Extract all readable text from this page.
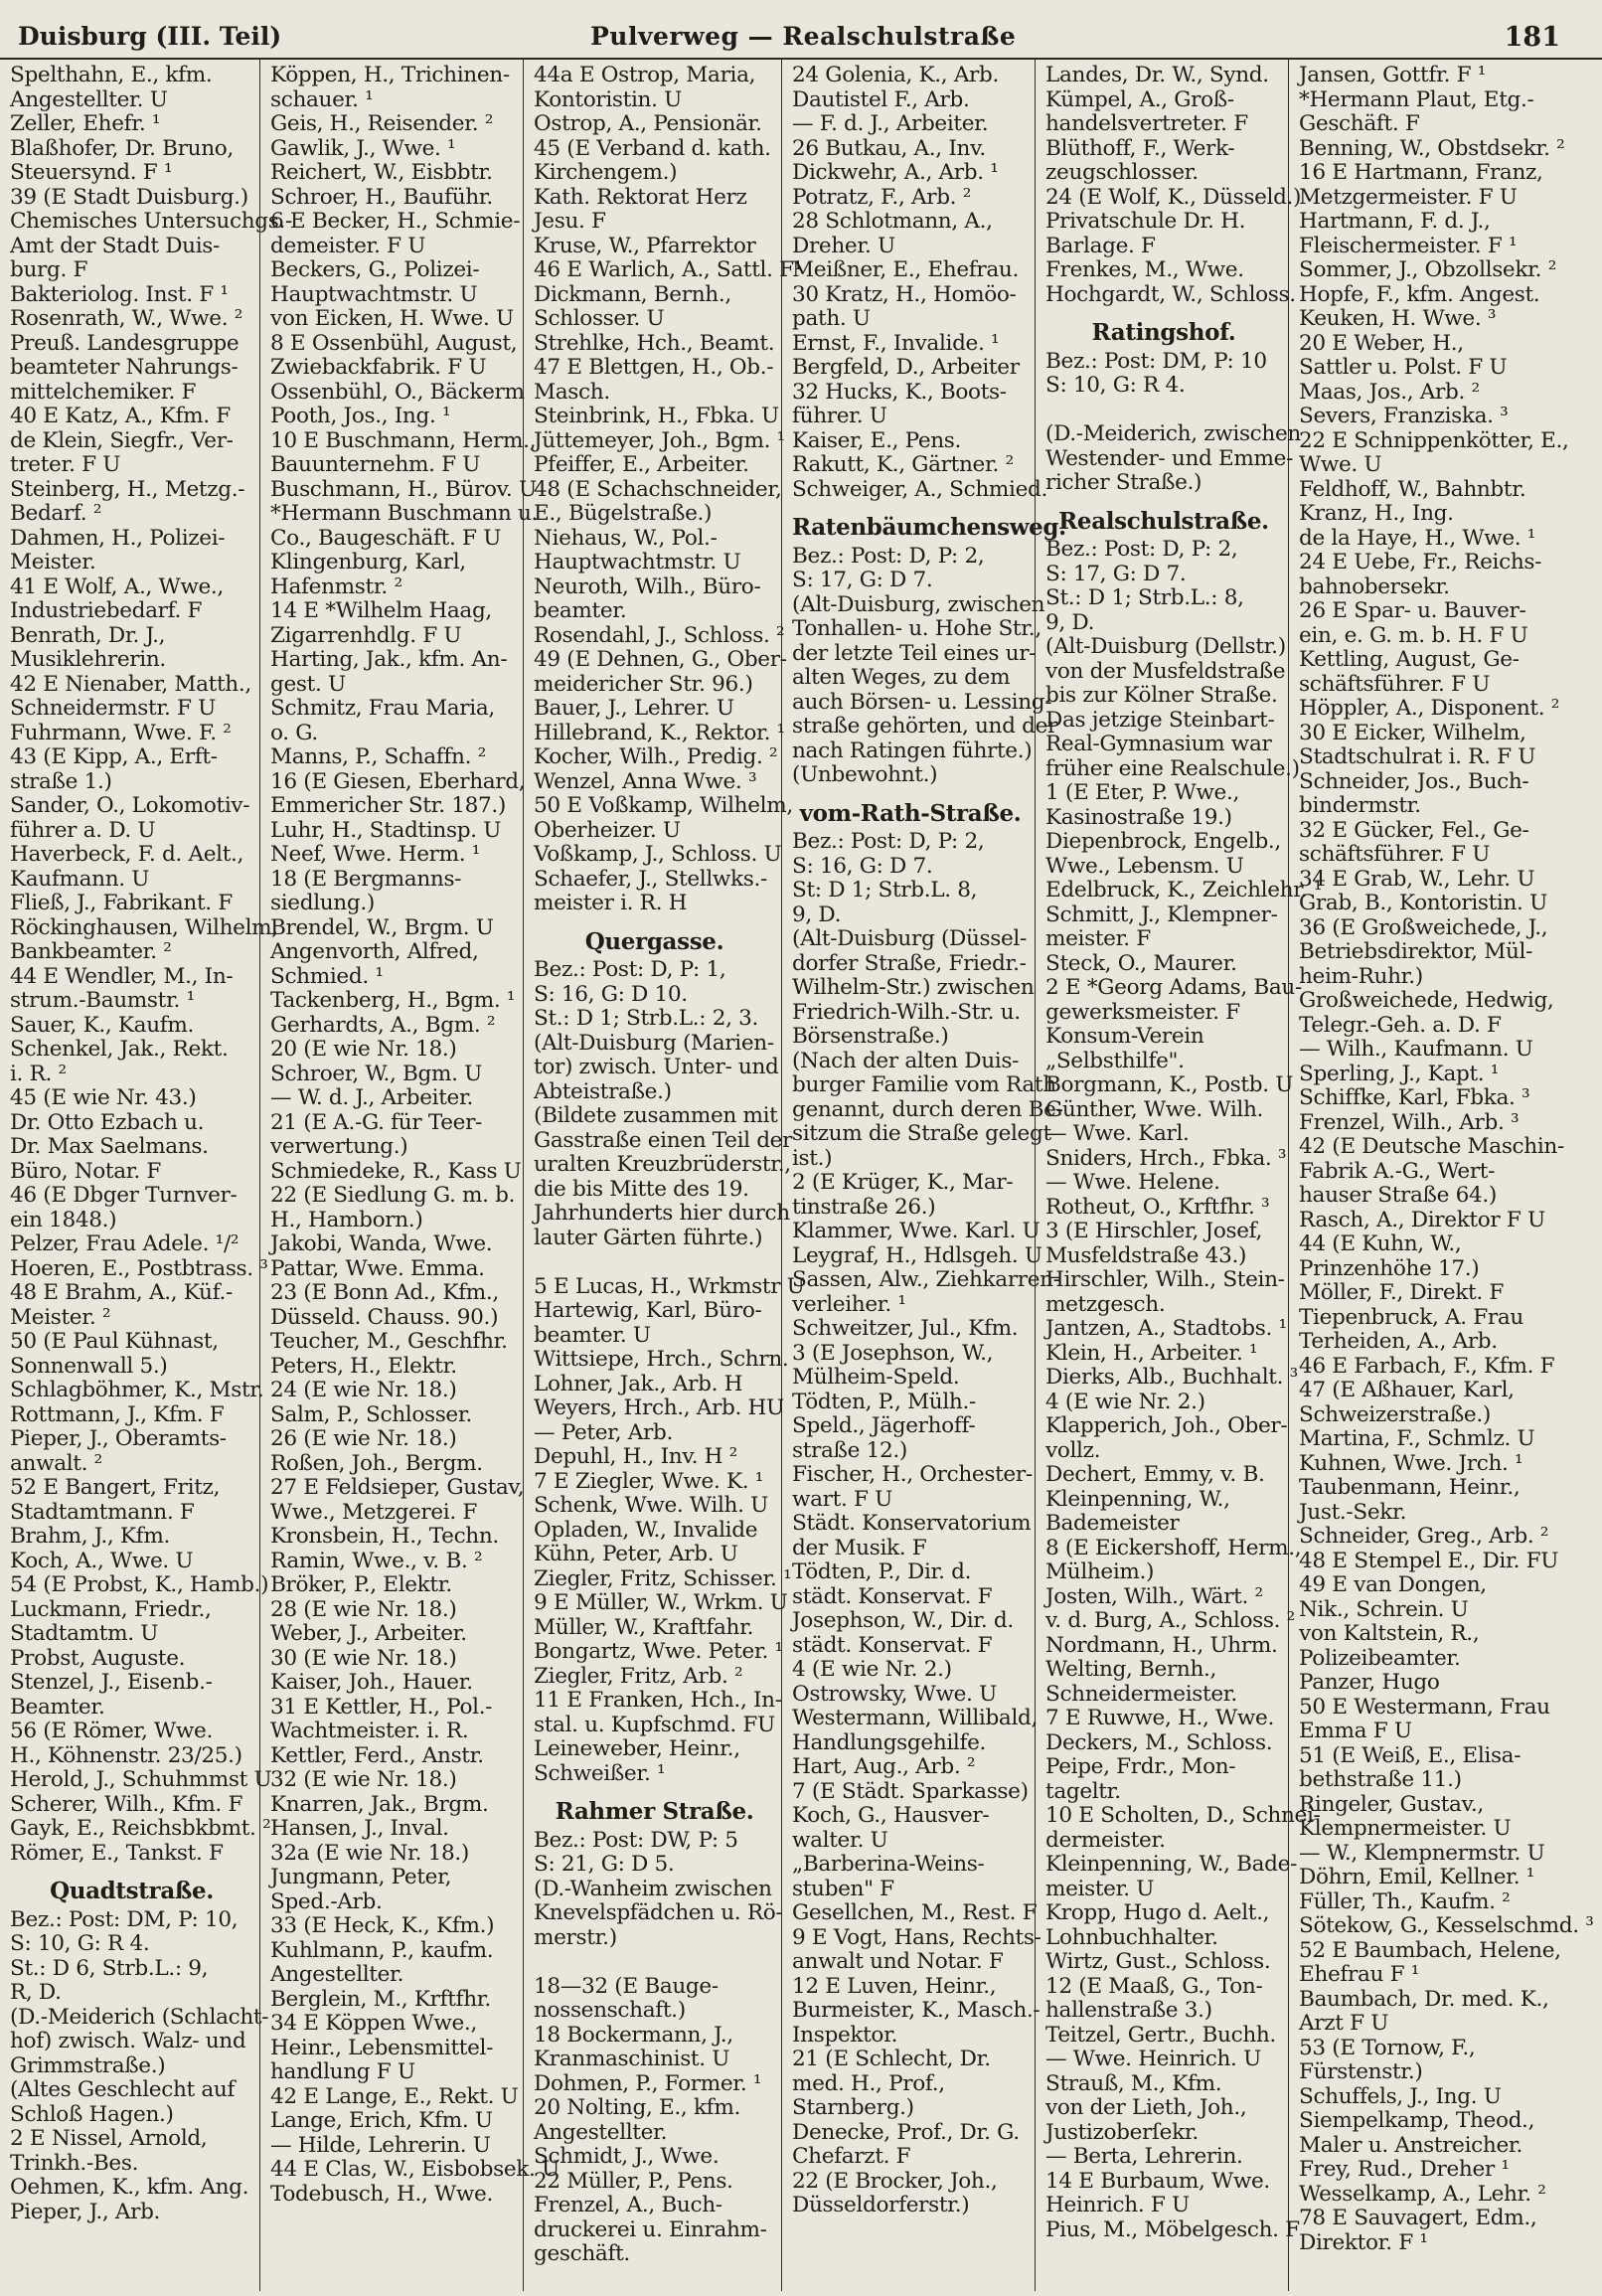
Duisburg (III. Teil)	Pulverweg — Realschulstraße	181
Spelthahn, E., kfm.
Angestellter. U
Zeller, Ehefr. ¹
Blaßhofer, Dr. Bruno,
Steuersynd. F ¹
39 (E Stadt Duisburg.)
Chemisches Untersuchgs.-
Amt der Stadt Duis-
burg. F
Bakteriolog. Inst. F ¹
Rosenrath, W., Wwe. ²
Preuß. Landesgruppe
beamteter Nahrungs-
mittelchemiker. F
40 E Katz, A., Kfm. F
de Klein, Siegfr., Ver-
treter. F U
Steinberg, H., Metzg.-
Bedarf. ²
Dahmen, H., Polizei-
Meister.
41 E Wolf, A., Wwe.,
Industriebedarf. F
Benrath, Dr. J.,
Musiklehrerin.
42 E Nienaber, Matth.,
Schneidermstr. F U
Fuhrmann, Wwe. F. ²
43 (E Kipp, A., Erft-
straße 1.)
Sander, O., Lokomotiv-
führer a. D. U
Haverbeck, F. d. Aelt.,
Kaufmann. U
Fließ, J., Fabrikant. F
Röckinghausen, Wilhelm,
Bankbeamter. ²
44 E Wendler, M., In-
strum.-Baumstr. ¹
Sauer, K., Kaufm.
Schenkel, Jak., Rekt.
i. R. ²
45 (E wie Nr. 43.)
Dr. Otto Ezbach u.
Dr. Max Saelmans.
Büro, Notar. F
46 (E Dbger Turnver-
ein 1848.)
Pelzer, Frau Adele. ¹/²
Hoeren, E., Postbtrass. ³
48 E Brahm, A., Küf.-
Meister. ²
50 (E Paul Kühnast,
Sonnenwall 5.)
Schlagböhmer, K., Mstr.
Rottmann, J., Kfm. F
Pieper, J., Oberamts-
anwalt. ²
52 E Bangert, Fritz,
Stadtamtmann. F
Brahm, J., Kfm.
Koch, A., Wwe. U
54 (E Probst, K., Hamb.)
Luckmann, Friedr.,
Stadtamtm. U
Probst, Auguste.
Stenzel, J., Eisenb.-
Beamter.
56 (E Römer, Wwe.
H., Köhnenstr. 23/25.)
Herold, J., Schuhmmst U
Scherer, Wilh., Kfm. F
Gayk, E., Reichsbkbmt. ²
Römer, E., Tankst. F
Quadtstraße.
Bez.: Post: DM, P: 10,
S: 10, G: R 4.
St.: D 6, Strb.L.: 9,
R, D.
(D.-Meiderich (Schlacht-
hof) zwisch. Walz- und
Grimmstraße.)
(Altes Geschlecht auf
Schloß Hagen.)
2 E Nissel, Arnold,
Trinkh.-Bes.
Oehmen, K., kfm. Ang.
Pieper, J., Arb.
Köppen, H., Trichinen-
schauer. ¹
Geis, H., Reisender. ²
Gawlik, J., Wwe. ¹
Reichert, W., Eisbbtr.
Schroer, H., Bauführ.
6 E Becker, H., Schmie-
demeister. F U
Beckers, G., Polizei-
Hauptwachtmstr. U
von Eicken, H. Wwe. U
8 E Ossenbühl, August,
Zwiebackfabrik. F U
Ossenbühl, O., Bäckerm
Pooth, Jos., Ing. ¹
10 E Buschmann, Herm.,
Bauunternehm. F U
Buschmann, H., Bürov. U
*Hermann Buschmann u.
Co., Baugeschäft. F U
Klingenburg, Karl,
Hafenmstr. ²
14 E *Wilhelm Haag,
Zigarrenhdlg. F U
Harting, Jak., kfm. An-
gest. U
Schmitz, Frau Maria,
o. G.
Manns, P., Schaffn. ²
16 (E Giesen, Eberhard,
Emmericher Str. 187.)
Luhr, H., Stadtinsp. U
Neef, Wwe. Herm. ¹
18 (E Bergmanns-
siedlung.)
Brendel, W., Brgm. U
Angenvorth, Alfred,
Schmied. ¹
Tackenberg, H., Bgm. ¹
Gerhardts, A., Bgm. ²
20 (E wie Nr. 18.)
Schroer, W., Bgm. U
— W. d. J., Arbeiter.
21 (E A.-G. für Teer-
verwertung.)
Schmiedeke, R., Kass U
22 (E Siedlung G. m. b.
H., Hamborn.)
Jakobi, Wanda, Wwe.
Pattar, Wwe. Emma.
23 (E Bonn Ad., Kfm.,
Düsseld. Chauss. 90.)
Teucher, M., Geschfhr.
Peters, H., Elektr.
24 (E wie Nr. 18.)
Salm, P., Schlosser.
26 (E wie Nr. 18.)
Roßen, Joh., Bergm.
27 E Feldsieper, Gustav,
Wwe., Metzgerei. F
Kronsbein, H., Techn.
Ramin, Wwe., v. B. ²
Bröker, P., Elektr.
28 (E wie Nr. 18.)
Weber, J., Arbeiter.
30 (E wie Nr. 18.)
Kaiser, Joh., Hauer.
31 E Kettler, H., Pol.-
Wachtmeister. i. R.
Kettler, Ferd., Anstr.
32 (E wie Nr. 18.)
Knarren, Jak., Brgm.
Hansen, J., Inval.
32a (E wie Nr. 18.)
Jungmann, Peter,
Sped.-Arb.
33 (E Heck, K., Kfm.)
Kuhlmann, P., kaufm.
Angestellter.
Berglein, M., Krftfhr.
34 E Köppen Wwe.,
Heinr., Lebensmittel-
handlung F U
42 E Lange, E., Rekt. U
Lange, Erich, Kfm. U
— Hilde, Lehrerin. U
44 E Clas, W., Eisbobsek. U
Todebusch, H., Wwe.
44a E Ostrop, Maria,
Kontoristin. U
Ostrop, A., Pensionär.
45 (E Verband d. kath.
Kirchengem.)
Kath. Rektorat Herz
Jesu. F
Kruse, W., Pfarrektor
46 E Warlich, A., Sattl. F¹
Dickmann, Bernh.,
Schlosser. U
Strehlke, Hch., Beamt.
47 E Blettgen, H., Ob.-
Masch.
Steinbrink, H., Fbka. U
Jüttemeyer, Joh., Bgm. ¹
Pfeiffer, E., Arbeiter.
48 (E Schachschneider,
E., Bügelstraße.)
Niehaus, W., Pol.-
Hauptwachtmstr. U
Neuroth, Wilh., Büro-
beamter.
Rosendahl, J., Schloss. ²
49 (E Dehnen, G., Ober-
meidericher Str. 96.)
Bauer, J., Lehrer. U
Hillebrand, K., Rektor. ¹
Kocher, Wilh., Predig. ²
Wenzel, Anna Wwe. ³
50 E Voßkamp, Wilhelm,
Oberheizer. U
Voßkamp, J., Schloss. U
Schaefer, J., Stellwks.-
meister i. R. H
Quergasse.
Bez.: Post: D, P: 1,
S: 16, G: D 10.
St.: D 1; Strb.L.: 2, 3.
(Alt-Duisburg (Marien-
tor) zwisch. Unter- und
Abteistraße.)
(Bildete zusammen mit
Gasstraße einen Teil der
uralten Kreuzbrüderstr.,
die bis Mitte des 19.
Jahrhunderts hier durch
lauter Gärten führte.)

5 E Lucas, H., Wrkmstr U
Hartewig, Karl, Büro-
beamter. U
Wittsiepe, Hrch., Schrn.
Lohner, Jak., Arb. H
Weyers, Hrch., Arb. HU
— Peter, Arb.
Depuhl, H., Inv. H ²
7 E Ziegler, Wwe. K. ¹
Schenk, Wwe. Wilh. U
Opladen, W., Invalide
Kühn, Peter, Arb. U
Ziegler, Fritz, Schisser. ¹
9 E Müller, W., Wrkm. U
Müller, W., Kraftfahr.
Bongartz, Wwe. Peter. ¹
Ziegler, Fritz, Arb. ²
11 E Franken, Hch., In-
stal. u. Kupfschmd. FU
Leineweber, Heinr.,
Schweißer. ¹
Rahmer Straße.
Bez.: Post: DW, P: 5
S: 21, G: D 5.
(D.-Wanheim zwischen
Knevelspfädchen u. Rö-
merstr.)

18—32 (E Bauge-
nossenschaft.)
18 Bockermann, J.,
Kranmaschinist. U
Dohmen, P., Former. ¹
20 Nolting, E., kfm.
Angestellter.
Schmidt, J., Wwe.
22 Müller, P., Pens.
Frenzel, A., Buch-
druckerei u. Einrahm-
geschäft.
24 Golenia, K., Arb.
Dautistel F., Arb.
— F. d. J., Arbeiter.
26 Butkau, A., Inv.
Dickwehr, A., Arb. ¹
Potratz, F., Arb. ²
28 Schlotmann, A.,
Dreher. U
Meißner, E., Ehefrau.
30 Kratz, H., Homöo-
path. U
Ernst, F., Invalide. ¹
Bergfeld, D., Arbeiter
32 Hucks, K., Boots-
führer. U
Kaiser, E., Pens.
Rakutt, K., Gärtner. ²
Schweiger, A., Schmied.
Ratenbäumchensweg.
Bez.: Post: D, P: 2,
S: 17, G: D 7.
(Alt-Duisburg, zwischen
Tonhallen- u. Hohe Str.,
der letzte Teil eines ur-
alten Weges, zu dem
auch Börsen- u. Lessing-
straße gehörten, und der
nach Ratingen führte.)
(Unbewohnt.)
vom-Rath-Straße.
Bez.: Post: D, P: 2,
S: 16, G: D 7.
St: D 1; Strb.L. 8,
9, D.
(Alt-Duisburg (Düssel-
dorfer Straße, Friedr.-
Wilhelm-Str.) zwischen
Friedrich-Wilh.-Str. u.
Börsenstraße.)
(Nach der alten Duis-
burger Familie vom Rath
genannt, durch deren Be-
sitzum die Straße gelegt
ist.)
2 (E Krüger, K., Mar-
tinstraße 26.)
Klammer, Wwe. Karl. U
Leygraf, H., Hdlsgeh. U
Sassen, Alw., Ziehkarren-
verleiher. ¹
Schweitzer, Jul., Kfm.
3 (E Josephson, W.,
Mülheim-Speld.
Tödten, P., Mülh.-
Speld., Jägerhoff-
straße 12.)
Fischer, H., Orchester-
wart. F U
Städt. Konservatorium
der Musik. F
Tödten, P., Dir. d.
städt. Konservat. F
Josephson, W., Dir. d.
städt. Konservat. F
4 (E wie Nr. 2.)
Ostrowsky, Wwe. U
Westermann, Willibald,
Handlungsgehilfe.
Hart, Aug., Arb. ²
7 (E Städt. Sparkasse)
Koch, G., Hausver-
walter. U
„Barberina-Weins-
stuben" F
Gesellchen, M., Rest. F
9 E Vogt, Hans, Rechts-
anwalt und Notar. F
12 E Luven, Heinr.,
Burmeister, K., Masch.-
Inspektor.
21 (E Schlecht, Dr.
med. H., Prof.,
Starnberg.)
Denecke, Prof., Dr. G.
Chefarzt. F
22 (E Brocker, Joh.,
Düsseldorferstr.)
Landes, Dr. W., Synd.
Kümpel, A., Groß-
handelsvertreter. F
Blüthoff, F., Werk-
zeugschlosser.
24 (E Wolf, K., Düsseld.)
Privatschule Dr. H.
Barlage. F
Frenkes, M., Wwe.
Hochgardt, W., Schloss.
Ratingshof.
Bez.: Post: DM, P: 10
S: 10, G: R 4.

(D.-Meiderich, zwischen
Westender- und Emme-
richer Straße.)
Realschulstraße.
Bez.: Post: D, P: 2,
S: 17, G: D 7.
St.: D 1; Strb.L.: 8,
9, D.
(Alt-Duisburg (Dellstr.)
von der Musfeldstraße
bis zur Kölner Straße.
Das jetzige Steinbart-
Real-Gymnasium war
früher eine Realschule.)
1 (E Eter, P. Wwe.,
Kasinostraße 19.)
Diepenbrock, Engelb.,
Wwe., Lebensm. U
Edelbruck, K., Zeichlehr. ¹
Schmitt, J., Klempner-
meister. F
Steck, O., Maurer.
2 E *Georg Adams, Bau-
gewerksmeister. F
Konsum-Verein
„Selbsthilfe".
Borgmann, K., Postb. U
Günther, Wwe. Wilh.
— Wwe. Karl.
Sniders, Hrch., Fbka. ³
— Wwe. Helene.
Rotheut, O., Krftfhr. ³
3 (E Hirschler, Josef,
Musfeldstraße 43.)
Hirschler, Wilh., Stein-
metzgesch.
Jantzen, A., Stadtobs. ¹
Klein, H., Arbeiter. ¹
Dierks, Alb., Buchhalt. ³
4 (E wie Nr. 2.)
Klapperich, Joh., Ober-
vollz.
Dechert, Emmy, v. B.
Kleinpenning, W.,
Bademeister
8 (E Eickershoff, Herm.,
Mülheim.)
Josten, Wilh., Wärt. ²
v. d. Burg, A., Schloss. ²
Nordmann, H., Uhrm.
Welting, Bernh.,
Schneidermeister.
7 E Ruwwe, H., Wwe.
Deckers, M., Schloss.
Peipe, Frdr., Mon-
tageltr.
10 E Scholten, D., Schnei-
dermeister.
Kleinpenning, W., Bade-
meister. U
Kropp, Hugo d. Aelt.,
Lohnbuchhalter.
Wirtz, Gust., Schloss.
12 (E Maaß, G., Ton-
hallenstraße 3.)
Teitzel, Gertr., Buchh.
— Wwe. Heinrich. U
Strauß, M., Kfm.
von der Lieth, Joh.,
Justizoberſekr.
— Berta, Lehrerin.
14 E Burbaum, Wwe.
Heinrich. F U
Pius, M., Möbelgesch. F
Jansen, Gottfr. F ¹
*Hermann Plaut, Etg.-
Geschäft. F
Benning, W., Obstdsekr. ²
16 E Hartmann, Franz,
Metzgermeister. F U
Hartmann, F. d. J.,
Fleischermeister. F ¹
Sommer, J., Obzollsekr. ²
Hopfe, F., kfm. Angest.
Keuken, H. Wwe. ³
20 E Weber, H.,
Sattler u. Polst. F U
Maas, Jos., Arb. ²
Severs, Franziska. ³
22 E Schnippenkötter, E.,
Wwe. U
Feldhoff, W., Bahnbtr.
Kranz, H., Ing.
de la Haye, H., Wwe. ¹
24 E Uebe, Fr., Reichs-
bahnobersekr.
26 E Spar- u. Bauver-
ein, e. G. m. b. H. F U
Kettling, August, Ge-
schäftsführer. F U
Höppler, A., Disponent. ²
30 E Eicker, Wilhelm,
Stadtschulrat i. R. F U
Schneider, Jos., Buch-
bindermstr.
32 E Gücker, Fel., Ge-
schäftsführer. F U
34 E Grab, W., Lehr. U
Grab, B., Kontoristin. U
36 (E Großweichede, J.,
Betriebsdirektor, Mül-
heim-Ruhr.)
Großweichede, Hedwig,
Telegr.-Geh. a. D. F
— Wilh., Kaufmann. U
Sperling, J., Kapt. ¹
Schiffke, Karl, Fbka. ³
Frenzel, Wilh., Arb. ³
42 (E Deutsche Maschin-
Fabrik A.-G., Wert-
hauser Straße 64.)
Rasch, A., Direktor F U
44 (E Kuhn, W.,
Prinzenhöhe 17.)
Möller, F., Direkt. F
Tiepenbruck, A. Frau
Terheiden, A., Arb.
46 E Farbach, F., Kfm. F
47 (E Aßhauer, Karl,
Schweizerstraße.)
Martina, F., Schmlz. U
Kuhnen, Wwe. Jrch. ¹
Taubenmann, Heinr.,
Just.-Sekr.
Schneider, Greg., Arb. ²
48 E Stempel E., Dir. FU
49 E van Dongen,
Nik., Schrein. U
von Kaltstein, R.,
Polizeibeamter.
Panzer, Hugo
50 E Westermann, Frau
Emma F U
51 (E Weiß, E., Elisa-
bethstraße 11.)
Ringeler, Gustav.,
Klempnermeister. U
— W., Klempnermstr. U
Döhrn, Emil, Kellner. ¹
Füller, Th., Kaufm. ²
Sötekow, G., Kesselschmd. ³
52 E Baumbach, Helene,
Ehefrau F ¹
Baumbach, Dr. med. K.,
Arzt F U
53 (E Tornow, F.,
Fürstenstr.)
Schuffels, J., Ing. U
Siempelkamp, Theod.,
Maler u. Anstreicher.
Frey, Rud., Dreher ¹
Wesselkamp, A., Lehr. ²
78 E Sauvagert, Edm.,
Direktor. F ¹
